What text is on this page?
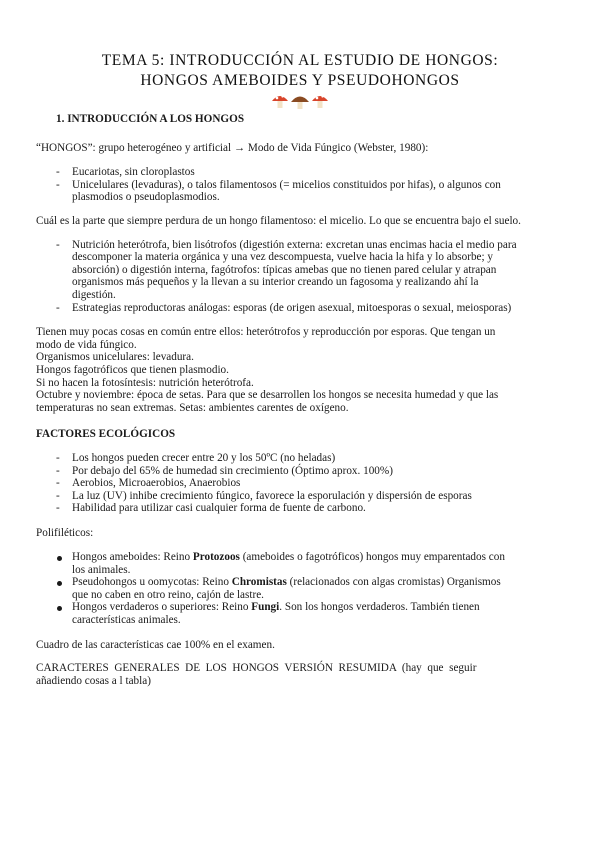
TEMA 5: INTRODUCCIÓN AL ESTUDIO DE HONGOS:
HONGOS AMEBOIDES Y PSEUDOHONGOS
1. INTRODUCCIÓN A LOS HONGOS
“HONGOS”: grupo heterogéneo y artificial → Modo de Vida Fúngico (Webster, 1980):
-	Eucariotas, sin cloroplastos
-	Unicelulares (levaduras), o talos filamentosos (= micelios constituidos por hifas), o algunos con
plasmodios o pseudoplasmodios.
Cuál es la parte que siempre perdura de un hongo filamentoso: el micelio. Lo que se encuentra bajo el suelo.
-	Nutrición heterótrofa, bien lisótrofos (digestión externa: excretan unas encimas hacia el medio para
descomponer la materia orgánica y una vez descompuesta, vuelve hacia la hifa y lo absorbe; y
absorción) o digestión interna, fagótrofos: típicas amebas que no tienen pared celular y atrapan
organismos más pequeños y la llevan a su interior creando un fagosoma y realizando ahí la
digestión.
-	Estrategias reproductoras análogas: esporas (de origen asexual, mitoesporas o sexual, meiosporas)
Tienen muy pocas cosas en común entre ellos: heterótrofos y reproducción por esporas. Que tengan un
modo de vida fúngico.
Organismos unicelulares: levadura.
Hongos fagotróficos que tienen plasmodio.
Si no hacen la fotosíntesis: nutrición heterótrofa.
Octubre y noviembre: época de setas. Para que se desarrollen los hongos se necesita humedad y que las
temperaturas no sean extremas. Setas: ambientes carentes de oxígeno.
FACTORES ECOLÓGICOS
-	Los hongos pueden crecer entre 20 y los 50ºC (no heladas)
-	Por debajo del 65% de humedad sin crecimiento (Óptimo aprox. 100%)
-	Aerobios, Microaerobios, Anaerobios
-	La luz (UV) inhibe crecimiento fúngico, favorece la esporulación y dispersión de esporas
-	Habilidad para utilizar casi cualquier forma de fuente de carbono.
Polifiléticos:
Hongos ameboides: Reino Protozoos (ameboides o fagotróficos) hongos muy emparentados con
los animales.
Pseudohongos u oomycotas: Reino Chromistas (relacionados con algas cromistas) Organismos
que no caben en otro reino, cajón de lastre.
Hongos verdaderos o superiores: Reino Fungi. Son los hongos verdaderos. También tienen
características animales.
Cuadro de las características cae 100% en el examen.
CARACTERES  GENERALES  DE  LOS  HONGOS  VERSIÓN  RESUMIDA  (hay  que  seguir
añadiendo cosas a l tabla)
